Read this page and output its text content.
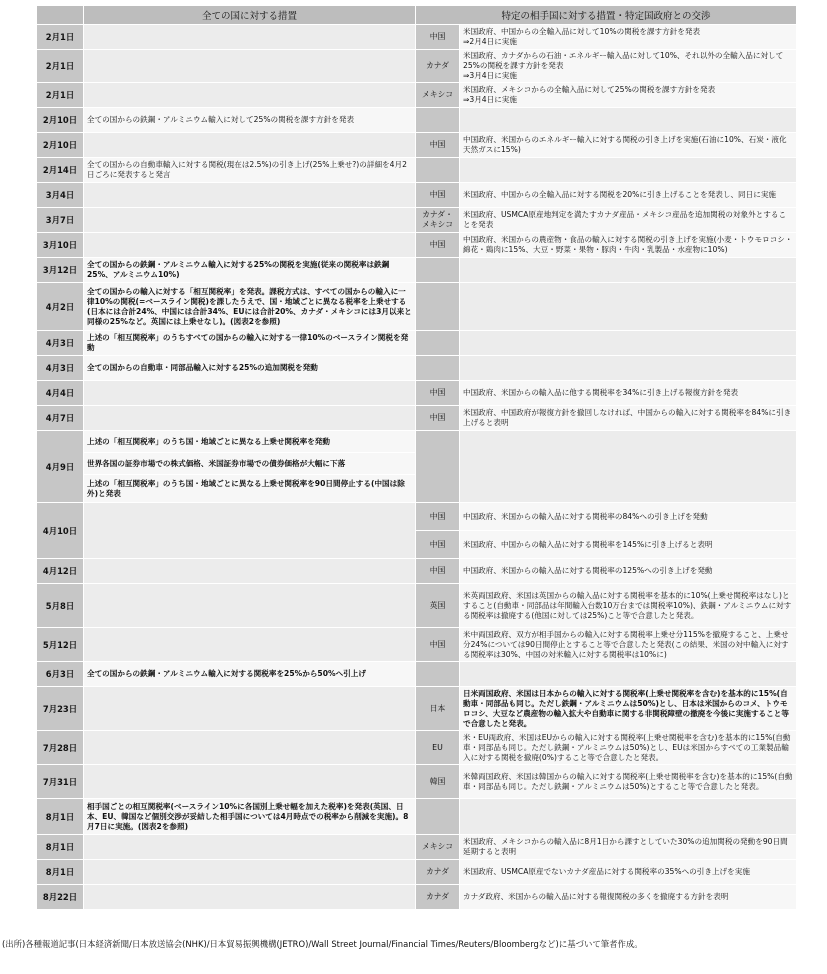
	全ての国に対する措置	特定の相手国に対する措置・特定国政府との交渉	
2月1日		中国	米国政府、中国からの全輸入品に対して10%の関税を課す方針を発表
⇒2月4日に実施
2月1日		カナダ	米国政府、カナダからの石油・エネルギー輸入品に対して10%、それ以外の全輸入品に対して25%の関税を課す方針を発表
⇒3月4日に実施
2月1日		メキシコ	米国政府、メキシコからの全輸入品に対して25%の関税を課す方針を発表
⇒3月4日に実施
2月10日	全ての国からの鉄鋼・アルミニウム輸入に対して25%の関税を課す方針を発表		
2月10日		中国	中国政府、米国からのエネルギー輸入に対する関税の引き上げを実施(石油に10%、石炭・液化天然ガスに15%)
2月14日	全ての国からの自動車輸入に対する関税(現在は2.5%)の引き上げ(25%上乗せ?)の詳細を4月2日ごろに発表すると発言		
3月4日		中国	米国政府、中国からの全輸入品に対する関税を20%に引き上げることを発表し、同日に実施
3月7日		カナダ・
メキシコ	米国政府、USMCA原産地判定を満たすカナダ産品・メキシコ産品を追加関税の対象外とすることを発表
3月10日		中国	中国政府、米国からの農産物・食品の輸入に対する関税の引き上げを実施(小麦・トウモロコシ・綿花・鶏肉に15%、大豆・野菜・果物・豚肉・牛肉・乳製品・水産物に10%)
3月12日	全ての国からの鉄鋼・アルミニウム輸入に対する25%の関税を実施(従来の関税率は鉄鋼25%、アルミニウム10%)		
4月2日	全ての国からの輸入に対する「相互関税率」を発表。課税方式は、すべての国からの輸入に一律10%の関税(=ベースライン関税)を課したうえで、国・地域ごとに異なる税率を上乗せする(日本には合計24%、中国には合計34%、EUには合計20%、カナダ・メキシコには3月以来と同様の25%など。英国には上乗せなし)。(図表2を参照)		
4月3日	上述の「相互関税率」のうちすべての国からの輸入に対する一律10%のベースライン関税を発動		
4月3日	全ての国からの自動車・同部品輸入に対する25%の追加関税を発動		
4月4日		中国	中国政府、米国からの輸入品に他する関税率を34%に引き上げる報復方針を発表
4月7日		中国	米国政府、中国政府が報復方針を撤回しなければ、中国からの輸入に対する関税率を84%に引き上げると表明
4月9日	上述の「相互関税率」のうち国・地域ごとに異なる上乗せ関税率を発動		
	世界各国の証券市場での株式価格、米国証券市場での債券価格が大幅に下落		
	上述の「相互関税率」のうち国・地域ごとに異なる上乗せ関税率を90日間停止する(中国は除外)と発表		
4月10日		中国	中国政府、米国からの輸入品に対する関税率の84%への引き上げを発動
		中国	米国政府、中国からの輸入品に対する関税率を145%に引き上げると表明
4月12日		中国	中国政府、米国からの輸入品に対する関税率の125%への引き上げを発動
5月8日		英国	米英両国政府、米国は英国からの輸入品に対する関税率を基本的に10%(上乗せ関税率はなし)とすること(自動車・同部品は年間輸入台数10万台までは関税率10%)、鉄鋼・アルミニウムに対する関税率は撤廃する(他国に対しては25%)こと等で合意したと発表。
5月12日		中国	米中両国政府、双方が相手国からの輸入に対する関税率上乗せ分115%を撤廃すること、上乗せ分24%については90日間停止とすること等で合意したと発表(この結果、米国の対中輸入に対する関税率は30%、中国の対米輸入に対する関税率は10%に)
6月3日	全ての国からの鉄鋼・アルミニウム輸入に対する関税率を25%から50%へ引上げ		
7月23日		日本	日米両国政府、米国は日本からの輸入に対する関税率(上乗せ関税率を含む)を基本的に15%(自動車・同部品も同じ。ただし鉄鋼・アルミニウムは50%)とし、日本は米国からのコメ、トウモロコシ、大豆など農産物の輸入拡大や自動車に関する非関税障壁の撤廃を今後に実施すること等で合意したと発表。
7月28日		EU	米・EU両政府、米国はEUからの輸入に対する関税率(上乗せ関税率を含む)を基本的に15%(自動車・同部品も同じ。ただし鉄鋼・アルミニウムは50%)とし、EUは米国からすべての工業製品輸入に対する関税を撤廃(0%)すること等で合意したと発表。
7月31日		韓国	米韓両国政府、米国は韓国からの輸入に対する関税率(上乗せ関税率を含む)を基本的に15%(自動車・同部品も同じ。ただし鉄鋼・アルミニウムは50%)とすること等で合意したと発表。
8月1日	相手国ごとの相互関税率(ベースライン10%に各国別上乗せ幅を加えた税率)を発表(英国、日本、EU、韓国など個別交渉が妥結した相手国については4月時点での税率から削減を実施)。8月7日に実施。(図表2を参照)		
8月1日		メキシコ	米国政府、メキシコからの輸入品に8月1日から課すとしていた30%の追加関税の発動を90日間延期すると表明
8月1日		カナダ	米国政府、USMCA原産でないカナダ産品に対する関税率の35%への引き上げを実施
8月22日		カナダ	カナダ政府、米国からの輸入品に対する報復関税の多くを撤廃する方針を表明

(出所)各種報道記事(日本経済新聞/日本放送協会(NHK)/日本貿易振興機構(JETRO)/Wall Street Journal/Financial Times/Reuters/Bloombergなど)に基づいて筆者作成。
